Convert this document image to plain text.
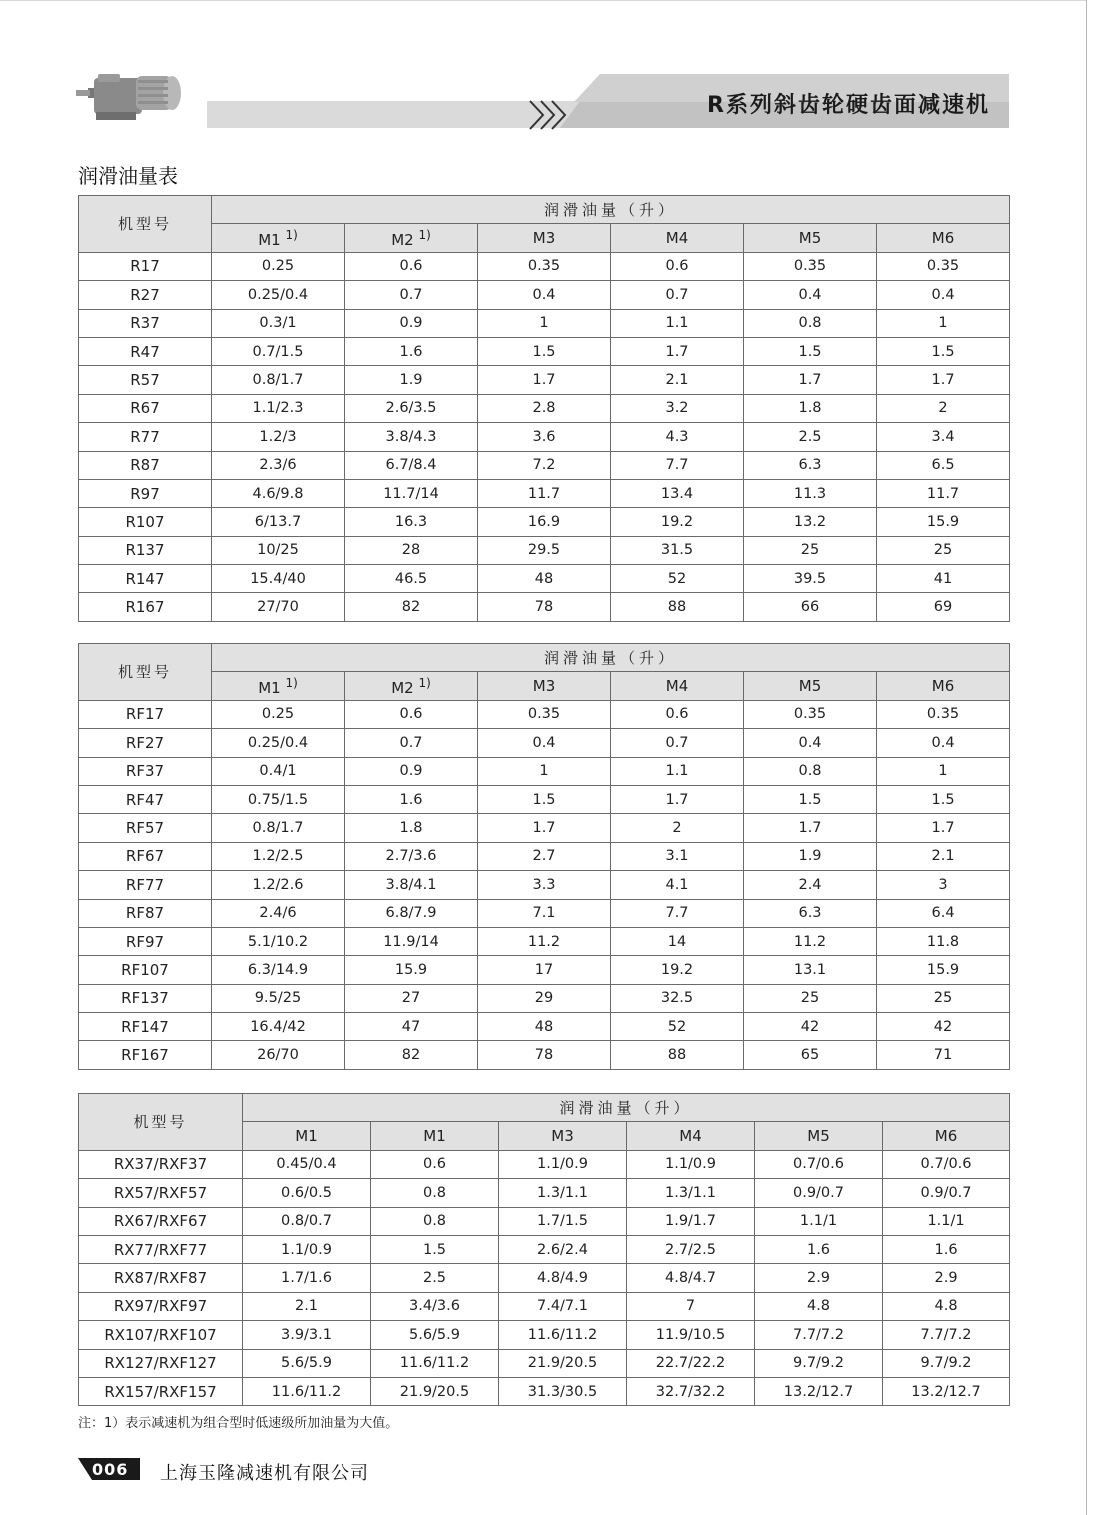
R系列斜齿轮硬齿面减速机
润滑油量表
机型号	润滑油量（升）					
	M1 $^{1)}$	M2 $^{1)}$	M3	M4	M5	M6
R17	0.25	0.6	0.35	0.6	0.35	0.35
R27	0.25/0.4	0.7	0.4	0.7	0.4	0.4
R37	0.3/1	0.9	1	1.1	0.8	1
R47	0.7/1.5	1.6	1.5	1.7	1.5	1.5
R57	0.8/1.7	1.9	1.7	2.1	1.7	1.7
R67	1.1/2.3	2.6/3.5	2.8	3.2	1.8	2
R77	1.2/3	3.8/4.3	3.6	4.3	2.5	3.4
R87	2.3/6	6.7/8.4	7.2	7.7	6.3	6.5
R97	4.6/9.8	11.7/14	11.7	13.4	11.3	11.7
R107	6/13.7	16.3	16.9	19.2	13.2	15.9
R137	10/25	28	29.5	31.5	25	25
R147	15.4/40	46.5	48	52	39.5	41
R167	27/70	82	78	88	66	69
机型号	润滑油量（升）					
	M1 $^{1)}$	M2 $^{1)}$	M3	M4	M5	M6
RF17	0.25	0.6	0.35	0.6	0.35	0.35
RF27	0.25/0.4	0.7	0.4	0.7	0.4	0.4
RF37	0.4/1	0.9	1	1.1	0.8	1
RF47	0.75/1.5	1.6	1.5	1.7	1.5	1.5
RF57	0.8/1.7	1.8	1.7	2	1.7	1.7
RF67	1.2/2.5	2.7/3.6	2.7	3.1	1.9	2.1
RF77	1.2/2.6	3.8/4.1	3.3	4.1	2.4	3
RF87	2.4/6	6.8/7.9	7.1	7.7	6.3	6.4
RF97	5.1/10.2	11.9/14	11.2	14	11.2	11.8
RF107	6.3/14.9	15.9	17	19.2	13.1	15.9
RF137	9.5/25	27	29	32.5	25	25
RF147	16.4/42	47	48	52	42	42
RF167	26/70	82	78	88	65	71
机型号	润滑油量（升）					
	M1	M1	M3	M4	M5	M6
RX37/RXF37	0.45/0.4	0.6	1.1/0.9	1.1/0.9	0.7/0.6	0.7/0.6
RX57/RXF57	0.6/0.5	0.8	1.3/1.1	1.3/1.1	0.9/0.7	0.9/0.7
RX67/RXF67	0.8/0.7	0.8	1.7/1.5	1.9/1.7	1.1/1	1.1/1
RX77/RXF77	1.1/0.9	1.5	2.6/2.4	2.7/2.5	1.6	1.6
RX87/RXF87	1.7/1.6	2.5	4.8/4.9	4.8/4.7	2.9	2.9
RX97/RXF97	2.1	3.4/3.6	7.4/7.1	7	4.8	4.8
RX107/RXF107	3.9/3.1	5.6/5.9	11.6/11.2	11.9/10.5	7.7/7.2	7.7/7.2
RX127/RXF127	5.6/5.9	11.6/11.2	21.9/20.5	22.7/22.2	9.7/9.2	9.7/9.2
RX157/RXF157	11.6/11.2	21.9/20.5	31.3/30.5	32.7/32.2	13.2/12.7	13.2/12.7
注：1）表示减速机为组合型时低速级所加油量为大值。
006 上海玉隆减速机有限公司
